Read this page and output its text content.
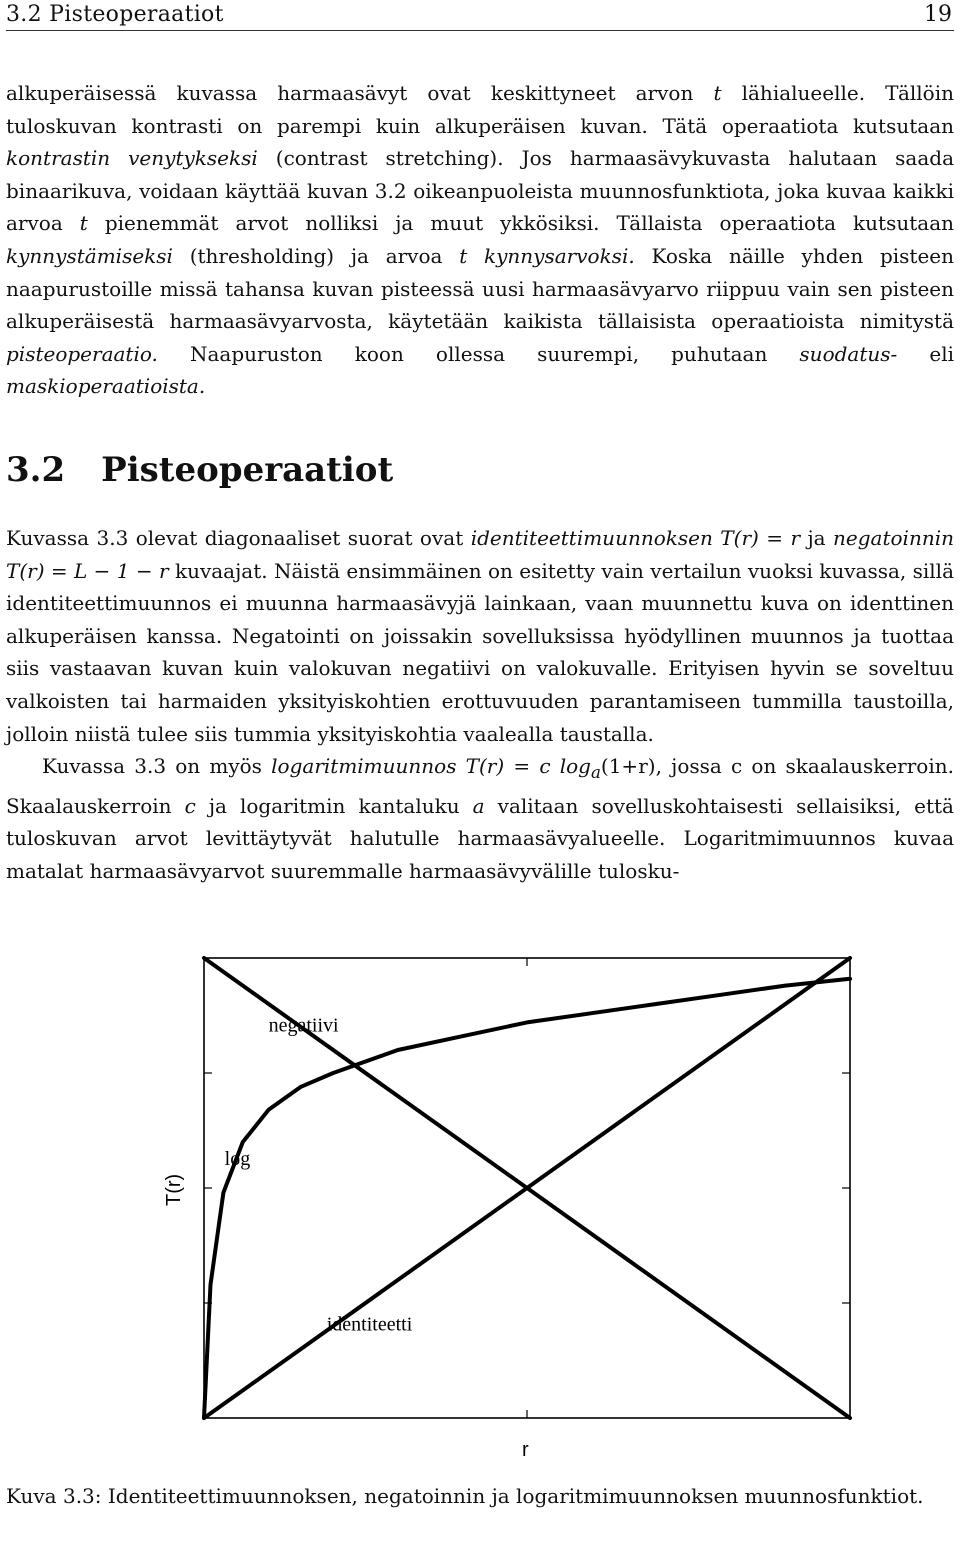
3.2 Pisteoperaatiot	19

alkuperäisessä kuvassa harmaasävyt ovat keskittyneet arvon t lähialueelle. Tällöin tuloskuvan kontrasti on parempi kuin alkuperäisen kuvan. Tätä operaatiota kutsutaan kontrastin venytykseksi (contrast stretching). Jos harmaasävykuvasta halutaan saada binaarikuva, voidaan käyttää kuvan 3.2 oikeanpuoleista muunnosfunktiota, joka kuvaa kaikki arvoa t pienemmät arvot nolliksi ja muut ykkösiksi. Tällaista operaatiota kutsutaan kynnystämiseksi (thresholding) ja arvoa t kynnysarvoksi. Koska näille yhden pisteen naapurustoille missä tahansa kuvan pisteessä uusi harmaasävyarvo riippuu vain sen pisteen alkuperäisestä harmaasävyarvosta, käytetään kaikista tällaisista operaatioista nimitystä pisteoperaatio. Naapuruston koon ollessa suurempi, puhutaan suodatus- eli maskioperaatioista.

3.2 Pisteoperaatiot

Kuvassa 3.3 olevat diagonaaliset suorat ovat identiteettimuunnoksen T(r) = r ja negatoinnin T(r) = L − 1 − r kuvaajat. Näistä ensimmäinen on esitetty vain vertailun vuoksi kuvassa, sillä identiteettimuunnos ei muunna harmaasävyjä lainkaan, vaan muunnettu kuva on identtinen alkuperäisen kanssa. Negatointi on joissakin sovelluksissa hyödyllinen muunnos ja tuottaa siis vastaavan kuvan kuin valokuvan negatiivi on valokuvalle. Erityisen hyvin se soveltuu valkoisten tai harmaiden yksityiskohtien erottuvuuden parantamiseen tummilla taustoilla, jolloin niistä tulee siis tummia yksityiskohtia vaalealla taustalla.

Kuvassa 3.3 on myös logaritmimuunnos T(r) = c $\log_a(1+r)$, jossa c on skaalauskerroin. Skaalauskerroin c ja logaritmin kantaluku a valitaan sovelluskohtaisesti sellaisiksi, että tuloskuvan arvot levittäytyvät halutulle harmaasävyalueelle. Logaritmimuunnos kuvaa matalat harmaasävyarvot suuremmalle harmaasävyvälille tulosku-

identiteetti
negatiivi
log
r
T(r)
Kuva 3.3: Identiteettimuunnoksen, negatoinnin ja logaritmimuunnoksen muunnosfunktiot.
